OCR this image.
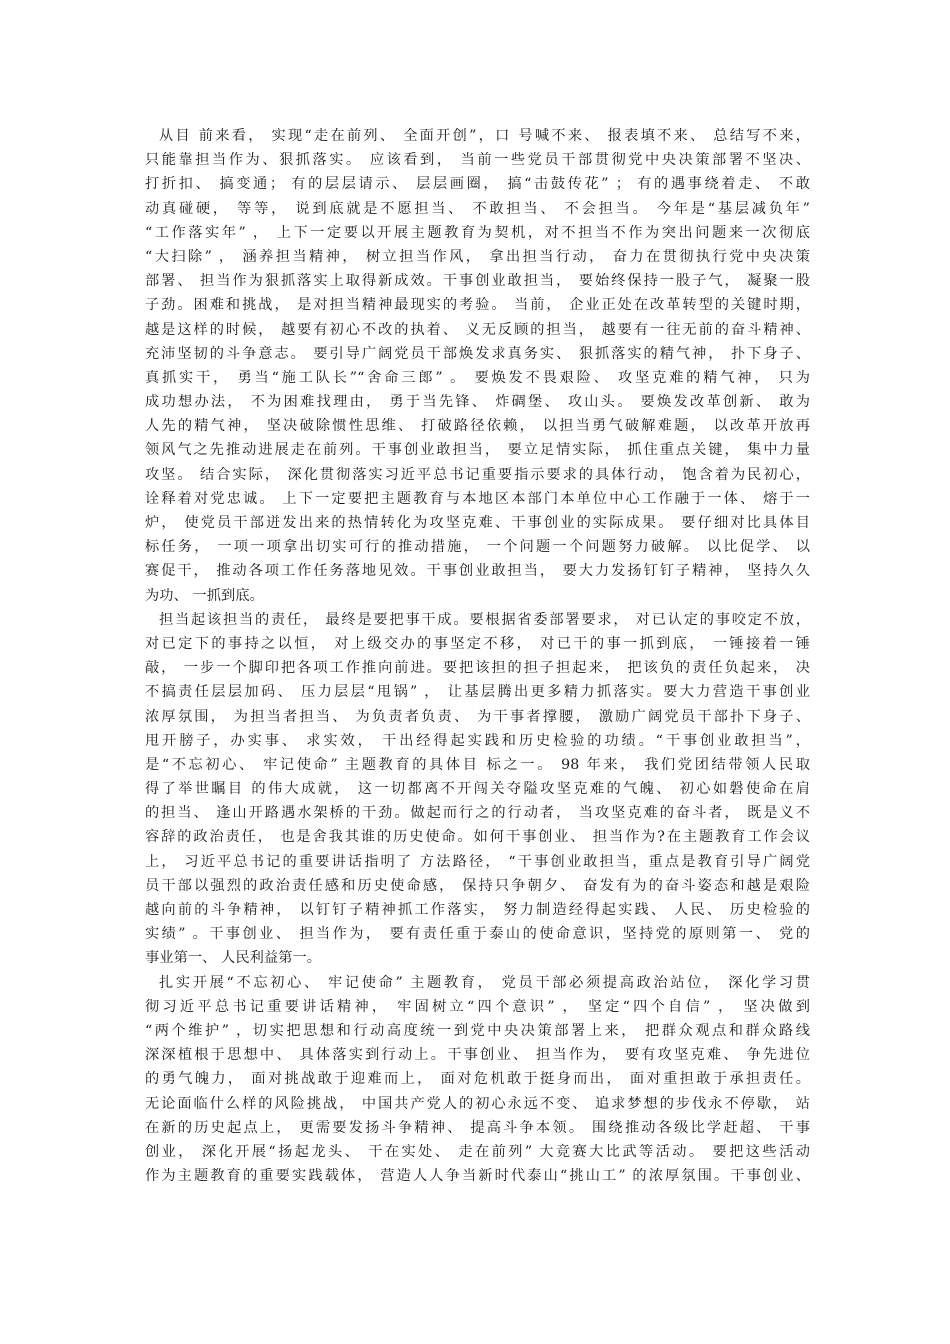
从目 前来看， 实现“走在前列、 全面开创”，口 号喊不来、 报表填不来、 总结写不来，
只能靠担当作为、狠抓落实。 应该看到， 当前一些党员干部贯彻党中央决策部署不坚决、
打折扣、 搞变通； 有的层层请示、 层层画圈， 搞“击鼓传花” ； 有的遇事绕着走、 不敢
动真碰硬， 等等， 说到底就是不愿担当、 不敢担当、 不会担当。 今年是“基层减负年”
“工作落实年” ， 上下一定要以开展主题教育为契机，对不担当不作为突出问题来一次彻底
“大扫除” ， 涵养担当精神， 树立担当作风， 拿出担当行动， 奋力在贯彻执行党中央决策
部署、 担当作为狠抓落实上取得新成效。干事创业敢担当， 要始终保持一股子气， 凝聚一股
子劲。困难和挑战， 是对担当精神最现实的考验。 当前， 企业正处在改革转型的关键时期，
越是这样的时候， 越要有初心不改的执着、 义无反顾的担当， 越要有一往无前的奋斗精神、
充沛坚韧的斗争意志。 要引导广阔党员干部焕发求真务实、 狠抓落实的精气神， 扑下身子、
真抓实干， 勇当“施工队长”“舍命三郎” 。 要焕发不畏艰险、 攻坚克难的精气神， 只为
成功想办法， 不为困难找理由， 勇于当先锋、 炸碉堡、 攻山头。 要焕发改革创新、 敢为
人先的精气神， 坚决破除惯性思维、 打破路径依赖， 以担当勇气破解难题， 以改革开放再
领风气之先推动进展走在前列。干事创业敢担当， 要立足情实际， 抓住重点关键， 集中力量
攻坚。 结合实际， 深化贯彻落实习近平总书记重要指示要求的具体行动， 饱含着为民初心，
诠释着对党忠诚。 上下一定要把主题教育与本地区本部门本单位中心工作融于一体、 熔于一
炉， 使党员干部迸发出来的热情转化为攻坚克难、干事创业的实际成果。 要仔细对比具体目
标任务， 一项一项拿出切实可行的推动措施， 一个问题一个问题努力破解。 以比促学、 以
赛促干， 推动各项工作任务落地见效。干事创业敢担当， 要大力发扬钉钉子精神， 坚持久久
为功、 一抓到底。
担当起该担当的责任， 最终是要把事干成。要根据省委部署要求， 对已认定的事咬定不放，
对已定下的事持之以恒， 对上级交办的事坚定不移， 对已干的事一抓到底， 一锤接着一锤
敲， 一步一个脚印把各项工作推向前进。要把该担的担子担起来， 把该负的责任负起来， 决
不搞责任层层加码、 压力层层“甩锅” ， 让基层腾出更多精力抓落实。要大力营造干事创业
浓厚氛围， 为担当者担当、 为负责者负责、 为干事者撑腰， 激励广阔党员干部扑下身子、
甩开膀子，办实事、 求实效， 干出经得起实践和历史检验的功绩。“干事创业敢担当”，
是“不忘初心、 牢记使命” 主题教育的具体目 标之一。 98 年来， 我们党团结带领人民取
得了举世瞩目 的伟大成就， 这一切都离不开闯关夺隘攻坚克难的气魄、 初心如磐使命在肩
的担当、 逢山开路遇水架桥的干劲。做起而行之的行动者， 当攻坚克难的奋斗者， 既是义不
容辞的政治责任， 也是舍我其谁的历史使命。如何干事创业、 担当作为?在主题教育工作会议
上， 习近平总书记的重要讲话指明了 方法路径， “干事创业敢担当，重点是教育引导广阔党
员干部以强烈的政治责任感和历史使命感， 保持只争朝夕、 奋发有为的奋斗姿态和越是艰险
越向前的斗争精神， 以钉钉子精神抓工作落实， 努力制造经得起实践、 人民、 历史检验的
实绩” 。干事创业、 担当作为， 要有责任重于泰山的使命意识，坚持党的原则第一、 党的
事业第一、 人民利益第一。
扎实开展“不忘初心、 牢记使命” 主题教育， 党员干部必须提高政治站位， 深化学习贯
彻习近平总书记重要讲话精神， 牢固树立“四个意识” ， 坚定“四个自信” ， 坚决做到
“两个维护” ，切实把思想和行动高度统一到党中央决策部署上来， 把群众观点和群众路线
深深植根于思想中、 具体落实到行动上。干事创业、 担当作为， 要有攻坚克难、 争先进位
的勇气魄力， 面对挑战敢于迎难而上， 面对危机敢于挺身而出， 面对重担敢于承担责任。
无论面临什么样的风险挑战， 中国共产党人的初心永远不变、 追求梦想的步伐永不停歇， 站
在新的历史起点上， 更需要发扬斗争精神、 提高斗争本领。 围绕推动各级比学赶超、 干事
创业， 深化开展“扬起龙头、 干在实处、 走在前列” 大竞赛大比武等活动。 要把这些活动
作为主题教育的重要实践载体， 营造人人争当新时代泰山“挑山工” 的浓厚氛围。干事创业、
